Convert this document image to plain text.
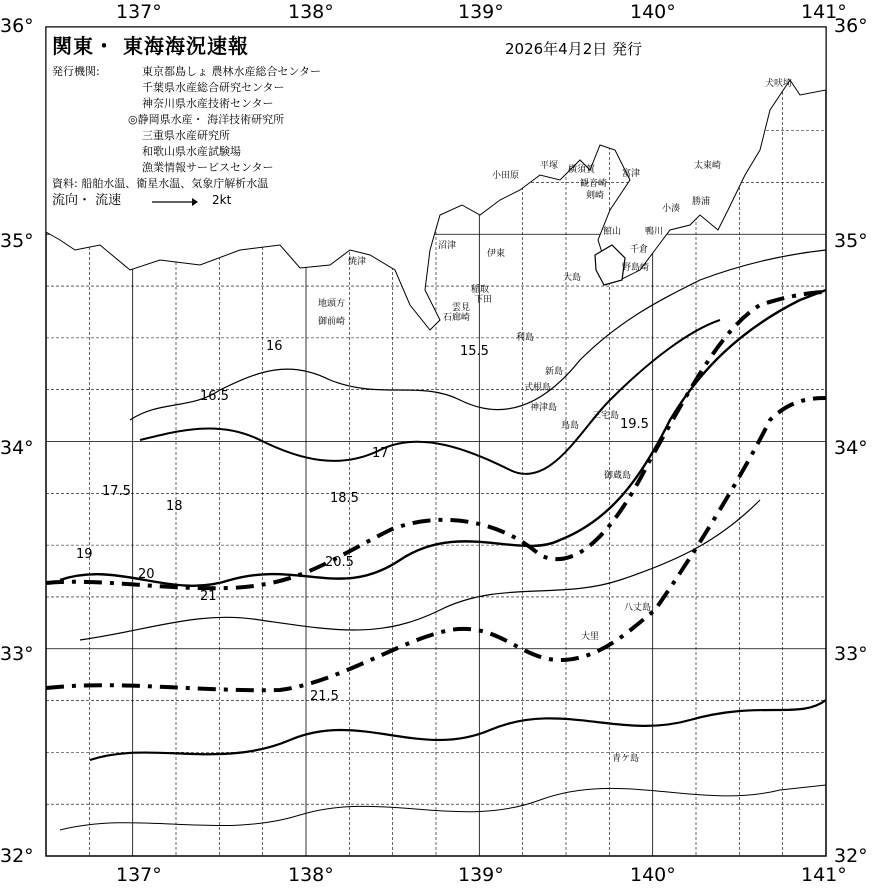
36°
35°
34°
33°
32°
36°
35°
34°
33°
32°
137°	138°	139°	140°	141°
137°	138°	139°	140°	141°
関東・ 東海海況速報
発行機関:	東京都島しょ 農林水産総合センター
千葉県水産総合研究センター
神奈川県水産技術センター
◎静岡県水産・ 海洋技術研究所
三重県水産研究所
和歌山県水産試験場
漁業情報サービスセンター
資料: 船舶水温、衛星水温、気象庁解析水温
流向・ 流速	2kt
2026年4月2日 発行
犬吠埼
太東崎
勝浦
小湊
鴨川
館山
千倉
野島崎
大島
平塚 横須賀
観音崎
富津
剣崎
小田原
伊東
沼津
焼津
稲取
下田
雲見
石廊崎
地頭方
御前崎
利島
新島
式根島
神津島
三宅島
御蔵島
八丈島
青ケ島
大里
鳥島
15.5
16
16.5
17
17.5
18
18.5
19
19.5
20
20.5
21
21.5
